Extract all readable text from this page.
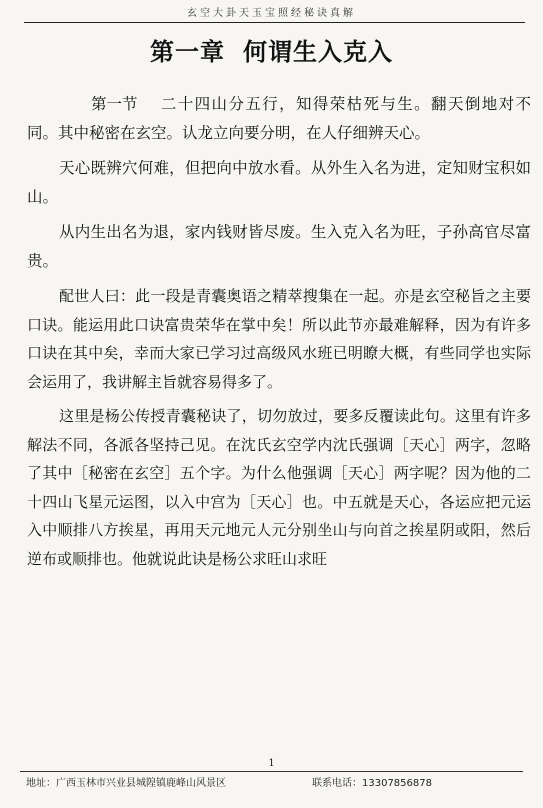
玄空大卦天玉宝照经秘诀真解
第一章 何谓生入克入

第一节 二十四山分五行，知得荣枯死与生。翻天倒地对不同。其中秘密在玄空。认龙立向要分明，在人仔细辨天心。

天心既辨穴何难，但把向中放水看。从外生入名为进，定知财宝积如山。

从内生出名为退，家内钱财皆尽废。生入克入名为旺，子孙高官尽富贵。

配世人曰：此一段是青囊奥语之精萃搜集在一起。亦是玄空秘旨之主要口诀。能运用此口诀富贵荣华在掌中矣！所以此节亦最难解释，因为有许多口诀在其中矣，幸而大家已学习过高级风水班已明瞭大概，有些同学也实际会运用了，我讲解主旨就容易得多了。

这里是杨公传授青囊秘诀了，切勿放过，要多反覆读此句。这里有许多解法不同，各派各坚持己见。在沈氏玄空学内沈氏强调［天心］两字，忽略了其中［秘密在玄空］五个字。为什么他强调［天心］两字呢？因为他的二十四山飞星元运图，以入中宫为［天心］也。中五就是天心，各运应把元运入中顺排八方挨星，再用天元地元人元分别坐山与向首之挨星阴或阳，然后逆布或顺排也。他就说此诀是杨公求旺山求旺

1
地址：广西玉林市兴业县城隍镇鹿峰山风景区	联系电话：13307856878
